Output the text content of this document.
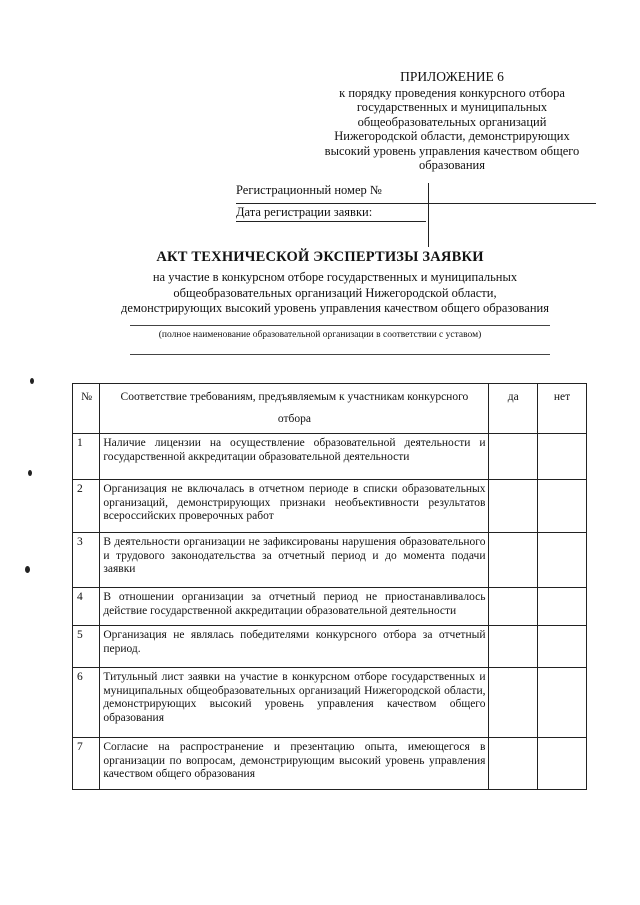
ПРИЛОЖЕНИЕ 6
к порядку проведения конкурсного отбора
государственных и муниципальных
общеобразовательных организаций
Нижегородской области, демонстрирующих
высокий уровень управления качеством общего
образования
Регистрационный номер №
Дата регистрации заявки:
АКТ ТЕХНИЧЕСКОЙ ЭКСПЕРТИЗЫ ЗАЯВКИ
на участие в конкурсном отборе государственных и муниципальных
общеобразовательных организаций Нижегородской области,
демонстрирующих высокий уровень управления качеством общего образования
(полное наименование образовательной организации в соответствии с уставом)
№	Соответствие требованиям, предъявляемым к участникам конкурсного отбора	да	нет
1	Наличие лицензии на осуществление образовательной деятельности и государственной аккредитации образовательной деятельности		
2	Организация не включалась в отчетном периоде в списки образовательных организаций, демонстрирующих признаки необъективности результатов всероссийских проверочных работ		
3	В деятельности организации не зафиксированы нарушения образовательного и трудового законодательства за отчетный период и до момента подачи заявки		
4	В отношении организации за отчетный период не приостанавливалось действие государственной аккредитации образовательной деятельности		
5	Организация не являлась победителями конкурсного отбора за отчетный период.		
6	Титульный лист заявки на участие в конкурсном отборе государственных и муниципальных общеобразовательных организаций Нижегородской области, демонстрирующих высокий уровень управления качеством общего образования		
7	Согласие на распространение и презентацию опыта, имеющегося в организации по вопросам, демонстрирующим высокий уровень управления качеством общего образования		
